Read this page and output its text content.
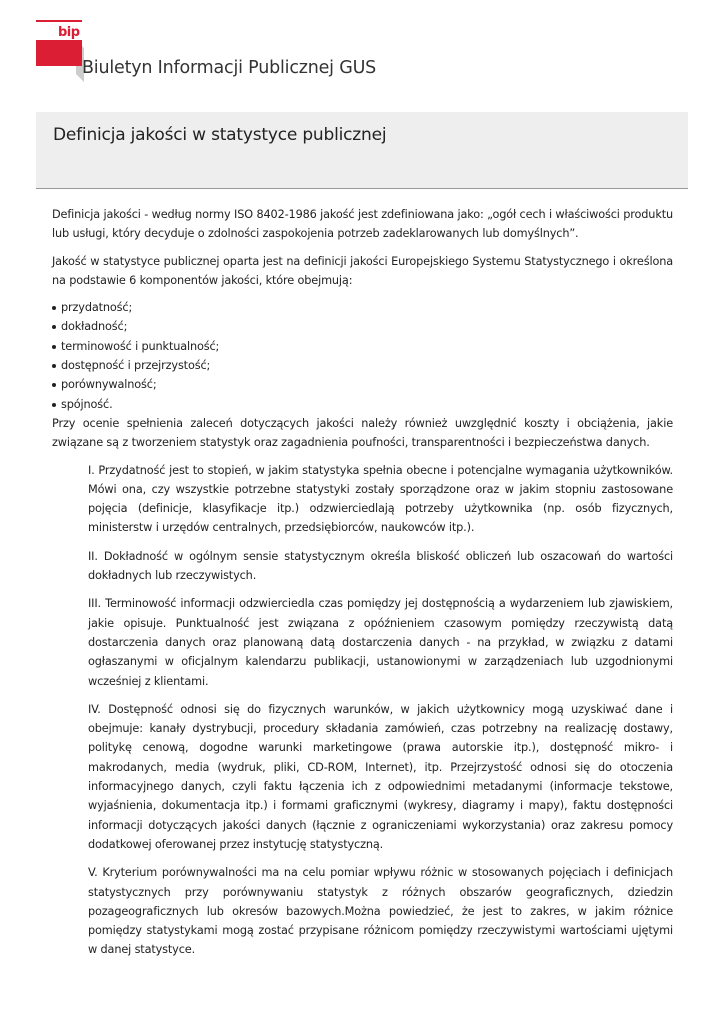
bip
Biuletyn Informacji Publicznej GUS
Definicja jakości w statystyce publicznej

Definicja jakości - według normy ISO 8402-1986 jakość jest zdefiniowana jako: „ogół cech i właściwości produktu lub usługi, który decyduje o zdolności zaspokojenia potrzeb zadeklarowanych lub domyślnych”.

Jakość w statystyce publicznej oparta jest na definicji jakości Europejskiego Systemu Statystycznego i określona na podstawie 6 komponentów jakości, które obejmują:

przydatność;
dokładność;
terminowość i punktualność;
dostępność i przejrzystość;
porównywalność;
spójność.

Przy ocenie spełnienia zaleceń dotyczących jakości należy również uwzględnić koszty i obciążenia, jakie związane są z tworzeniem statystyk oraz zagadnienia poufności, transparentności i bezpieczeństwa danych.

I. Przydatność jest to stopień, w jakim statystyka spełnia obecne i potencjalne wymagania użytkowników. Mówi ona, czy wszystkie potrzebne statystyki zostały sporządzone oraz w jakim stopniu zastosowane pojęcia (definicje, klasyfikacje itp.) odzwierciedlają potrzeby użytkownika (np. osób fizycznych, ministerstw i urzędów centralnych, przedsiębiorców, naukowców itp.).

II. Dokładność w ogólnym sensie statystycznym określa bliskość obliczeń lub oszacowań do wartości dokładnych lub rzeczywistych.

III. Terminowość informacji odzwierciedla czas pomiędzy jej dostępnością a wydarzeniem lub zjawiskiem, jakie opisuje. Punktualność jest związana z opóźnieniem czasowym pomiędzy rzeczywistą datą dostarczenia danych oraz planowaną datą dostarczenia danych - na przykład, w związku z datami ogłaszanymi w oficjalnym kalendarzu publikacji, ustanowionymi w zarządzeniach lub uzgodnionymi wcześniej z klientami.

IV. Dostępność odnosi się do fizycznych warunków, w jakich użytkownicy mogą uzyskiwać dane i obejmuje: kanały dystrybucji, procedury składania zamówień, czas potrzebny na realizację dostawy, politykę cenową, dogodne warunki marketingowe (prawa autorskie itp.), dostępność mikro- i makrodanych, media (wydruk, pliki, CD-ROM, Internet), itp. Przejrzystość odnosi się do otoczenia informacyjnego danych, czyli faktu łączenia ich z odpowiednimi metadanymi (informacje tekstowe, wyjaśnienia, dokumentacja itp.) i formami graficznymi (wykresy, diagramy i mapy), faktu dostępności informacji dotyczących jakości danych (łącznie z ograniczeniami wykorzystania) oraz zakresu pomocy dodatkowej oferowanej przez instytucję statystyczną.

V. Kryterium porównywalności ma na celu pomiar wpływu różnic w stosowanych pojęciach i definicjach statystycznych przy porównywaniu statystyk z różnych obszarów geograficznych, dziedzin pozageograficznych lub okresów bazowych.Można powiedzieć, że jest to zakres, w jakim różnice pomiędzy statystykami mogą zostać przypisane różnicom pomiędzy rzeczywistymi wartościami ujętymi w danej statystyce.
